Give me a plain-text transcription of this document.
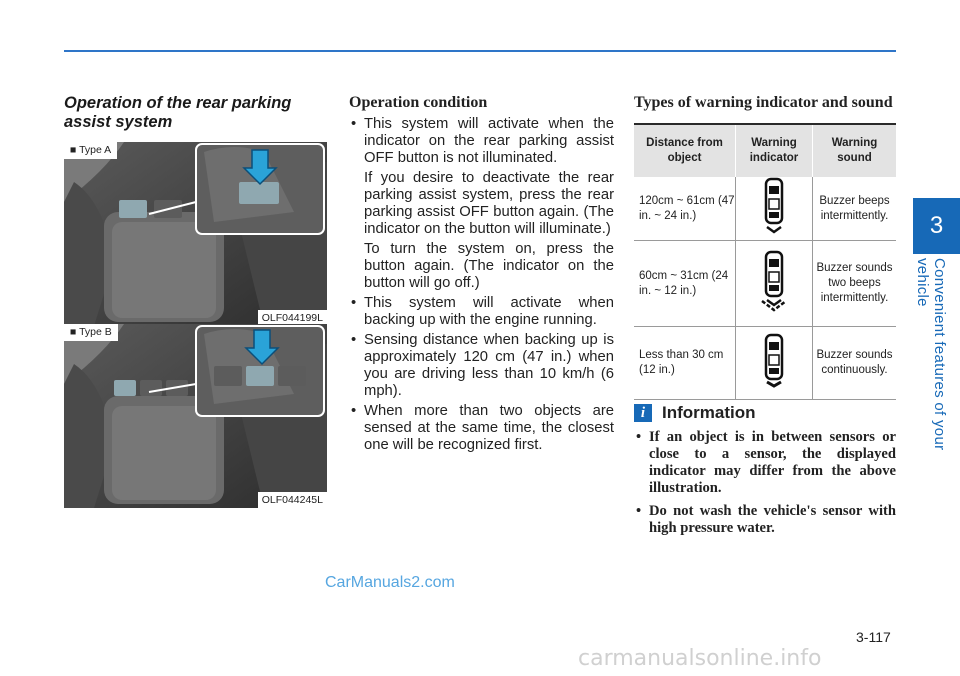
3
Convenient features of your vehicle
Operation of the rear parking assist system
■ Type A
OLF044199L
■ Type B
OLF044245L
Operation condition

• This system will activate when the indicator on the rear parking assist OFF button is not illuminated.

If you desire to deactivate the rear parking assist system, press the rear parking assist OFF button again. (The indicator on the button will illuminate.)

To turn the system on, press the button again. (The indicator on the button will go off.)

• This system will activate when backing up with the engine running.

• Sensing distance when backing up is approximately 120 cm (47 in.) when you are driving less than 10 km/h (6 mph).

• When more than two objects are sensed at the same time, the closest one will be recognized first.

Types of warning indicator and sound
Distance from object	Warning indicator	Warning sound
120cm ~ 61cm (47 in. ~ 24 in.)		Buzzer beeps intermittently.
60cm ~ 31cm (24 in. ~ 12 in.)		Buzzer sounds two beeps intermittently.
Less than 30 cm (12 in.)		Buzzer sounds continuously.
i Information
• If an object is in between sensors or close to a sensor, the displayed indicator may differ from the above illustration.
• Do not wash the vehicle's sensor with high pressure water.
3-117
CarManuals2.com
carmanualsonline.info
